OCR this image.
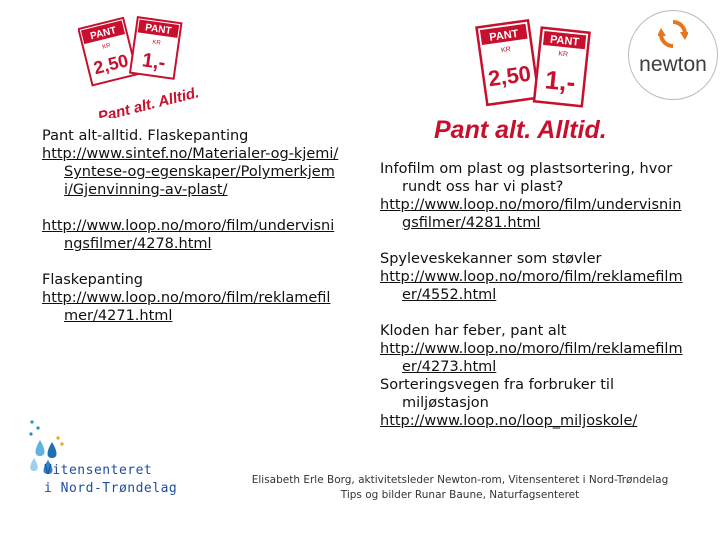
PANT
KR
2,50
PANT
KR
1,-
Pant alt. Alltid.
PANT
KR
2,50
PANT
KR
1,-
Pant alt. Alltid.
newton
Pant alt-alltid. Flaskepanting
http://www.sintef.no/Materialer-og-kjemi/Syntese-og-egenskaper/Polymerkjemi/Gjenvinning-av-plast/
http://www.loop.no/moro/film/undervisningsfilmer/4278.html
Flaskepanting
http://www.loop.no/moro/film/reklamefilmer/4271.html
Infofilm om plast og plastsortering, hvor rundt oss har vi plast?
http://www.loop.no/moro/film/undervisningsfilmer/4281.html
Spyleveskekanner som støvler
http://www.loop.no/moro/film/reklamefilmer/4552.html
Kloden har feber, pant alt
http://www.loop.no/moro/film/reklamefilmer/4273.html
Sorteringsvegen fra forbruker til miljøstasjon
http://www.loop.no/loop_miljoskole/
Vitensenteret
i Nord-Trøndelag
Elisabeth Erle Borg, aktivitetsleder Newton-rom, Vitensenteret i Nord-Trøndelag
Tips og bilder Runar Baune, Naturfagsenteret
